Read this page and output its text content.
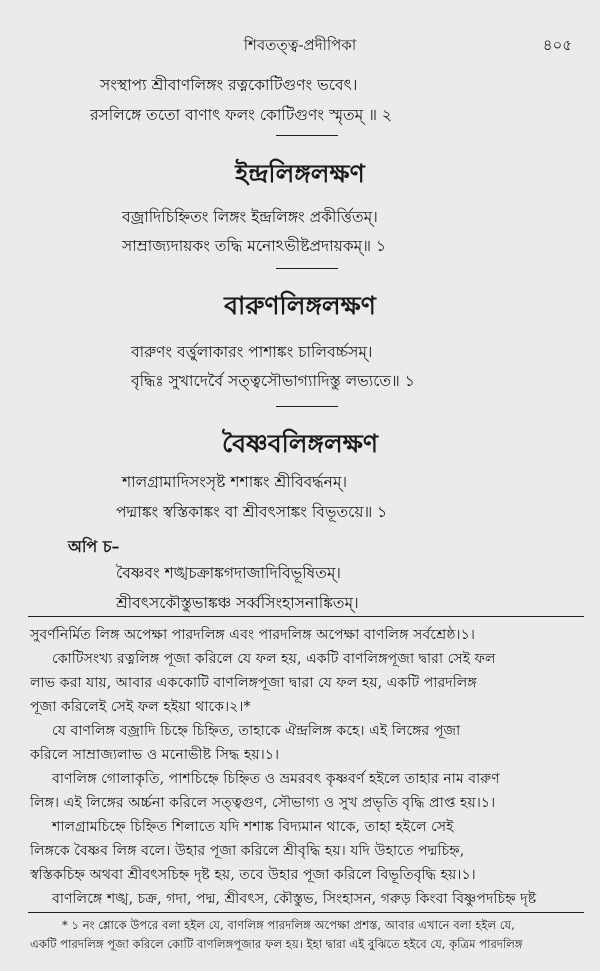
শিবতত্ত্ব-প্রদীপিকা	৪০৫
সংস্থাপ্য শ্রীবাণলিঙ্গং রত্নকোটিগুণং ভবেৎ।
রসলিঙ্গে ততো বাণাৎ ফলং কোটিগুণং স্মৃতম্ ॥ ২
ইন্দ্রলিঙ্গলক্ষণ
বজ্রাদিচিহ্নিতং লিঙ্গং ইন্দ্রলিঙ্গং প্রকীর্ত্তিতম্।
সাম্রাজ্যদায়কং তদ্ধি মনোঽভীষ্টপ্রদায়কম্॥ ১
বারুণলিঙ্গলক্ষণ
বারুণং বর্ত্তুলাকারং পাশাঙ্কং চালিবর্চ্চসম্।
বৃদ্ধিঃ সুখাদের্বৈ সত্ত্বসৌভাগ্যাদিস্তু লভ্যতে॥ ১
বৈষ্ণবলিঙ্গলক্ষণ
শালগ্রামাদিসংসৃষ্ট শশাঙ্কং শ্রীবিবর্দ্ধনম্।
পদ্মাঙ্কং স্বস্তিকাঙ্কং বা শ্রীবৎসাঙ্কং বিভূতয়ে॥ ১
অপি চ–
বৈষ্ণবং শঙ্খচক্রাঙ্কগদাজাদিবিভূষিতম্।
শ্রীবৎসকৌস্তুভাঙ্কঞ্চ সর্ব্বসিংহাসনাঙ্কিতম্।
সুবর্ণনির্মিত লিঙ্গ অপেক্ষা পারদলিঙ্গ এবং পারদলিঙ্গ অপেক্ষা বাণলিঙ্গ সর্বশ্রেষ্ঠ।১।
কোটিসংখ্য রত্নলিঙ্গ পূজা করিলে যে ফল হয়, একটি বাণলিঙ্গপূজা দ্বারা সেই ফল
লাভ করা যায়, আবার এককোটি বাণলিঙ্গপূজা দ্বারা যে ফল হয়, একটি পারদলিঙ্গ
পূজা করিলেই সেই ফল হইয়া থাকে।২।*
যে বাণলিঙ্গ বজ্রাদি চিহ্নে চিহ্নিত, তাহাকে ঐন্দ্রলিঙ্গ কহে। এই লিঙ্গের পূজা
করিলে সাম্রাজ্যলাভ ও মনোভীষ্ট সিদ্ধ হয়।১।
বাণলিঙ্গ গোলাকৃতি, পাশচিহ্নে চিহ্নিত ও ভ্রমরবৎ কৃষ্ণবর্ণ হইলে তাহার নাম বারুণ
লিঙ্গ। এই লিঙ্গের অর্চ্চনা করিলে সত্ত্বগুণ, সৌভাগ্য ও সুখ প্রভৃতি বৃদ্ধি প্রাপ্ত হয়।১।
শালগ্রামচিহ্নে চিহ্নিত শিলাতে যদি শশাঙ্ক বিদ্যমান থাকে, তাহা হইলে সেই
লিঙ্গকে বৈষ্ণব লিঙ্গ বলে। উহার পূজা করিলে শ্রীবৃদ্ধি হয়। যদি উহাতে পদ্মচিহ্ন,
স্বস্তিকচিহ্ন অথবা শ্রীবৎসচিহ্ন দৃষ্ট হয়, তবে উহার পূজা করিলে বিভূতিবৃদ্ধি হয়।১।
বাণলিঙ্গে শঙ্খ, চক্র, গদা, পদ্ম, শ্রীবৎস, কৌস্তুভ, সিংহাসন, গরুড় কিংবা বিষ্ণুপদচিহ্ন দৃষ্ট
* ১ নং শ্লোকে উপরে বলা হইল যে, বাণলিঙ্গ পারদলিঙ্গ অপেক্ষা প্রশস্ত, আবার এখানে বলা হইল যে,
একটি পারদলিঙ্গ পূজা করিলে কোটি বাণলিঙ্গপূজার ফল হয়। ইহা দ্বারা এই বুঝিতে হইবে যে, কৃত্রিম পারদলিঙ্গ
